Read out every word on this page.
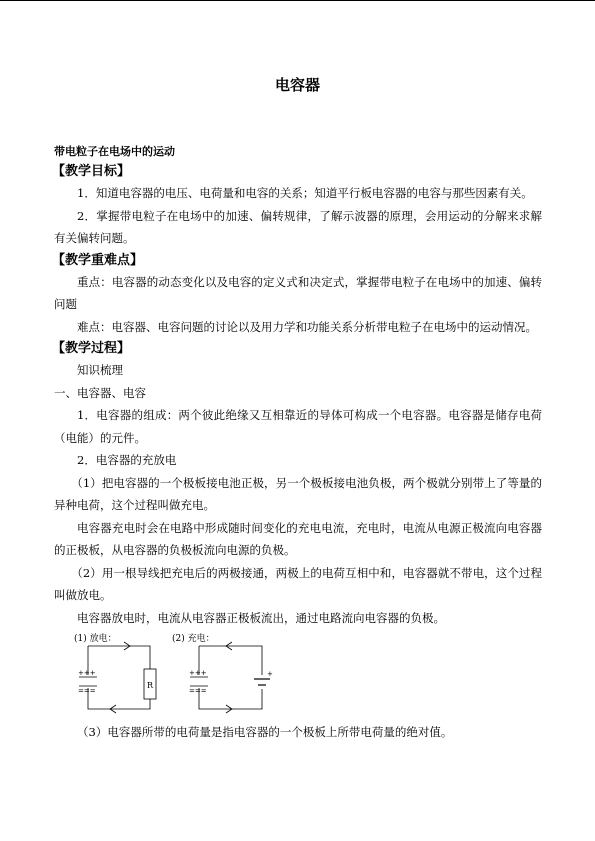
电容器
带电粒子在电场中的运动
【教学目标】
1．知道电容器的电压、电荷量和电容的关系；知道平行板电容器的电容与那些因素有关。
2．掌握带电粒子在电场中的加速、偏转规律，了解示波器的原理，会用运动的分解来求解有关偏转问题。
【教学重难点】
重点：电容器的动态变化以及电容的定义式和决定式，掌握带电粒子在电场中的加速、偏转问题
难点：电容器、电容问题的讨论以及用力学和功能关系分析带电粒子在电场中的运动情况。
【教学过程】
知识梳理
一、电容器、电容
1．电容器的组成：两个彼此绝缘又互相靠近的导体可构成一个电容器。电容器是储存电荷（电能）的元件。
2．电容器的充放电
（1）把电容器的一个极板接电池正极，另一个极板接电池负极，两个极就分别带上了等量的异种电荷，这个过程叫做充电。
电容器充电时会在电路中形成随时间变化的充电电流，充电时，电流从电源正极流向电容器的正极板，从电容器的负极板流向电源的负极。
（2）用一根导线把充电后的两极接通，两极上的电荷互相中和，电容器就不带电，这个过程叫做放电。
电容器放电时，电流从电容器正极板流出，通过电路流向电容器的负极。
(1) 放电：	(2) 充电：
+++
===
R
+++
===
+
（3）电容器所带的电荷量是指电容器的一个极板上所带电荷量的绝对值。
